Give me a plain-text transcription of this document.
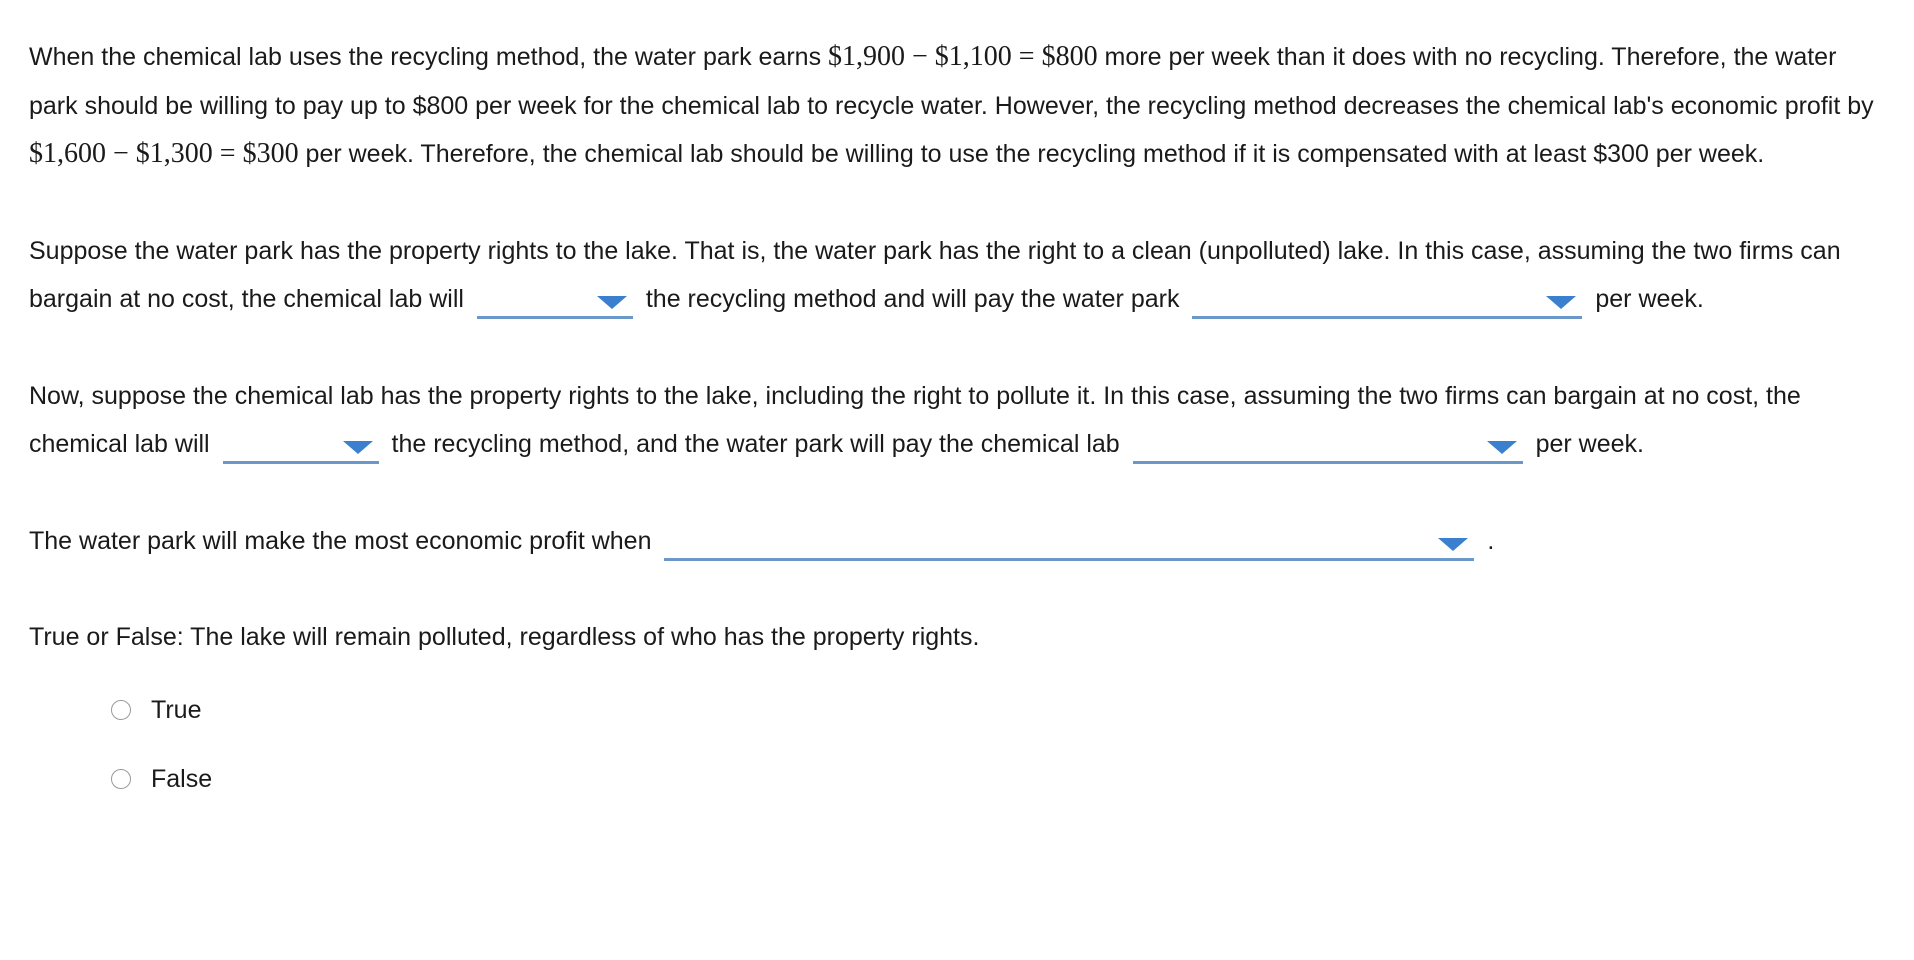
When the chemical lab uses the recycling method, the water park earns $1,900 − $1,100 = $800 more per week than it does with no recycling. Therefore, the water park should be willing to pay up to $800 per week for the chemical lab to recycle water. However, the recycling method decreases the chemical lab's economic profit by $1,600 − $1,300 = $300 per week. Therefore, the chemical lab should be willing to use the recycling method if it is compensated with at least $300 per week.

Suppose the water park has the property rights to the lake. That is, the water park has the right to a clean (unpolluted) lake. In this case, assuming the two firms can bargain at no cost, the chemical lab will	the recycling method and will pay the water park	per week.

Now, suppose the chemical lab has the property rights to the lake, including the right to pollute it. In this case, assuming the two firms can bargain at no cost, the chemical lab will	the recycling method, and the water park will pay the chemical lab	per week.

The water park will make the most economic profit when	.

True or False: The lake will remain polluted, regardless of who has the property rights.

True
False
